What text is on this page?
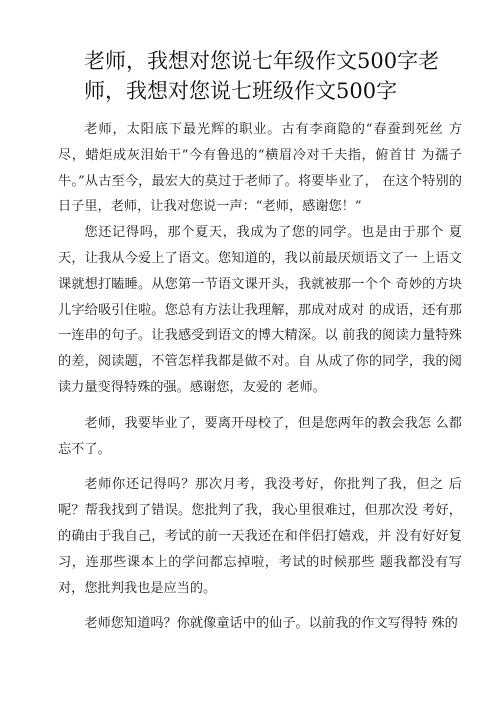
老师，我想对您说七年级作文500字老
师，我想对您说七班级作文500字

老师，太阳底下最光辉的职业。古有李商隐的“春蚕到死丝 方尽，蜡炬成灰泪始干”今有鲁迅的“横眉冷对千夫指，俯首甘 为孺子牛。”从古至今，最宏大的莫过于老师了。将要毕业了， 在这个特别的日子里，老师，让我对您说一声：“老师，感谢您！”

您还记得吗，那个夏天，我成为了您的同学。也是由于那个 夏天，让我从今爱上了语文。您知道的，我以前最厌烦语文了一 上语文课就想打瞌睡。从您第一节语文课开头，我就被那一个个 奇妙的方块儿字给吸引住啦。您总有方法让我理解，那成对成对 的成语，还有那一连串的句子。让我感受到语文的博大精深。以 前我的阅读力量特殊的差，阅读题，不管怎样我都是做不对。自 从成了你的同学，我的阅读力量变得特殊的强。感谢您，友爱的 老师。

老师，我要毕业了，要离开母校了，但是您两年的教会我怎 么都忘不了。

老师你还记得吗？那次月考，我没考好，你批判了我，但之 后呢？帮我找到了错误。您批判了我，我心里很难过，但那次没 考好，的确由于我自己，考试的前一天我还在和伴侣打嬉戏，并 没有好好复习，连那些课本上的学问都忘掉啦，考试的时候那些 题我都没有写对，您批判我也是应当的。

老师您知道吗？你就像童话中的仙子。以前我的作文写得特 殊的
